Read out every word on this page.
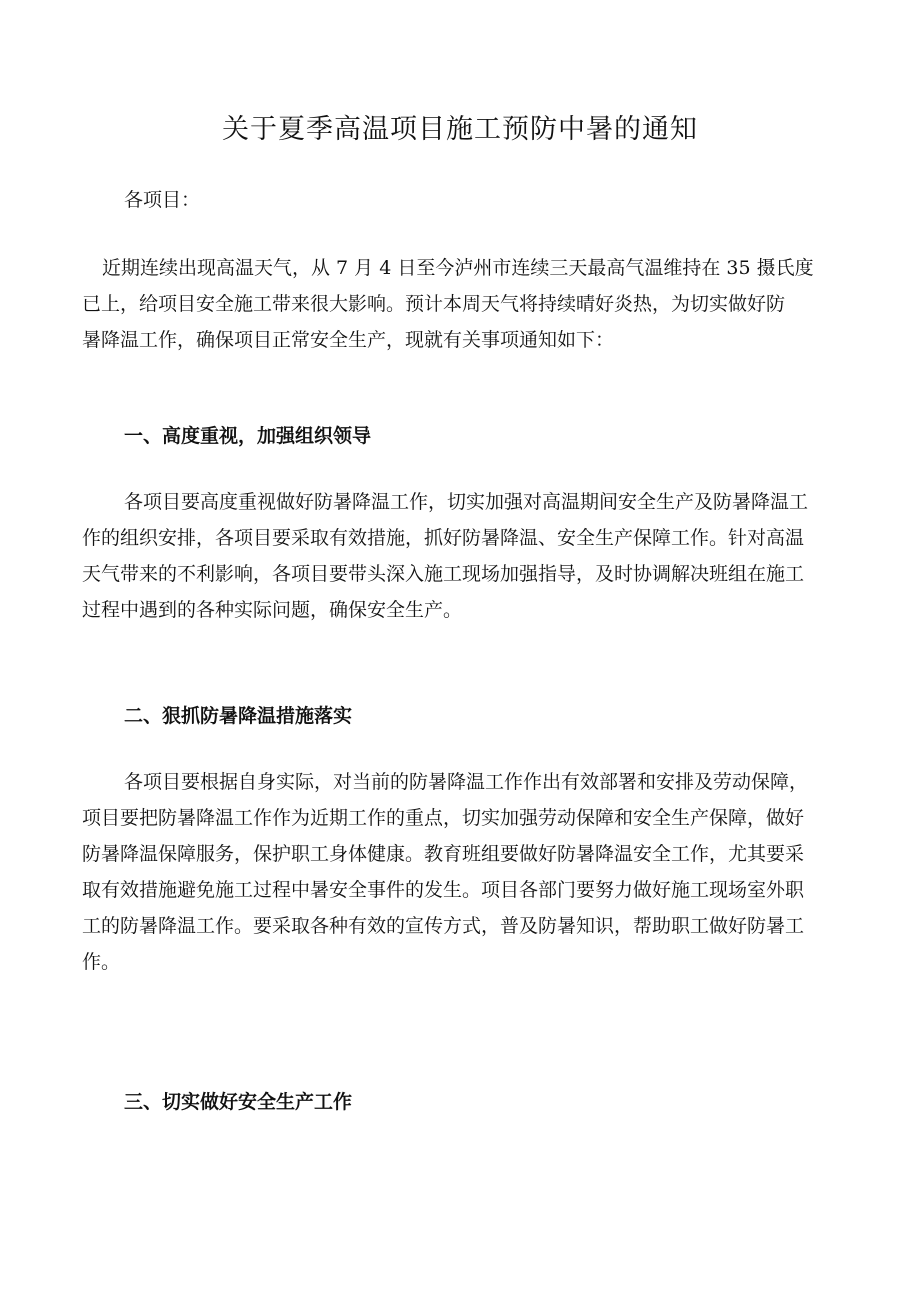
关于夏季高温项目施工预防中暑的通知

各项目：

近期连续出现高温天气，从 7 月 4 日至今泸州市连续三天最高气温维持在 35 摄氏度
已上，给项目安全施工带来很大影响。预计本周天气将持续晴好炎热，为切实做好防
暑降温工作，确保项目正常安全生产，现就有关事项通知如下：
一、高度重视，加强组织领导
各项目要高度重视做好防暑降温工作，切实加强对高温期间安全生产及防暑降温工
作的组织安排，各项目要采取有效措施，抓好防暑降温、安全生产保障工作。针对高温
天气带来的不利影响，各项目要带头深入施工现场加强指导，及时协调解决班组在施工
过程中遇到的各种实际问题，确保安全生产。
二、狠抓防暑降温措施落实
各项目要根据自身实际，对当前的防暑降温工作作出有效部署和安排及劳动保障，
项目要把防暑降温工作作为近期工作的重点，切实加强劳动保障和安全生产保障，做好
防暑降温保障服务，保护职工身体健康。教育班组要做好防暑降温安全工作，尤其要采
取有效措施避免施工过程中暑安全事件的发生。项目各部门要努力做好施工现场室外职
工的防暑降温工作。要采取各种有效的宣传方式，普及防暑知识，帮助职工做好防暑工
作。
三、切实做好安全生产工作
